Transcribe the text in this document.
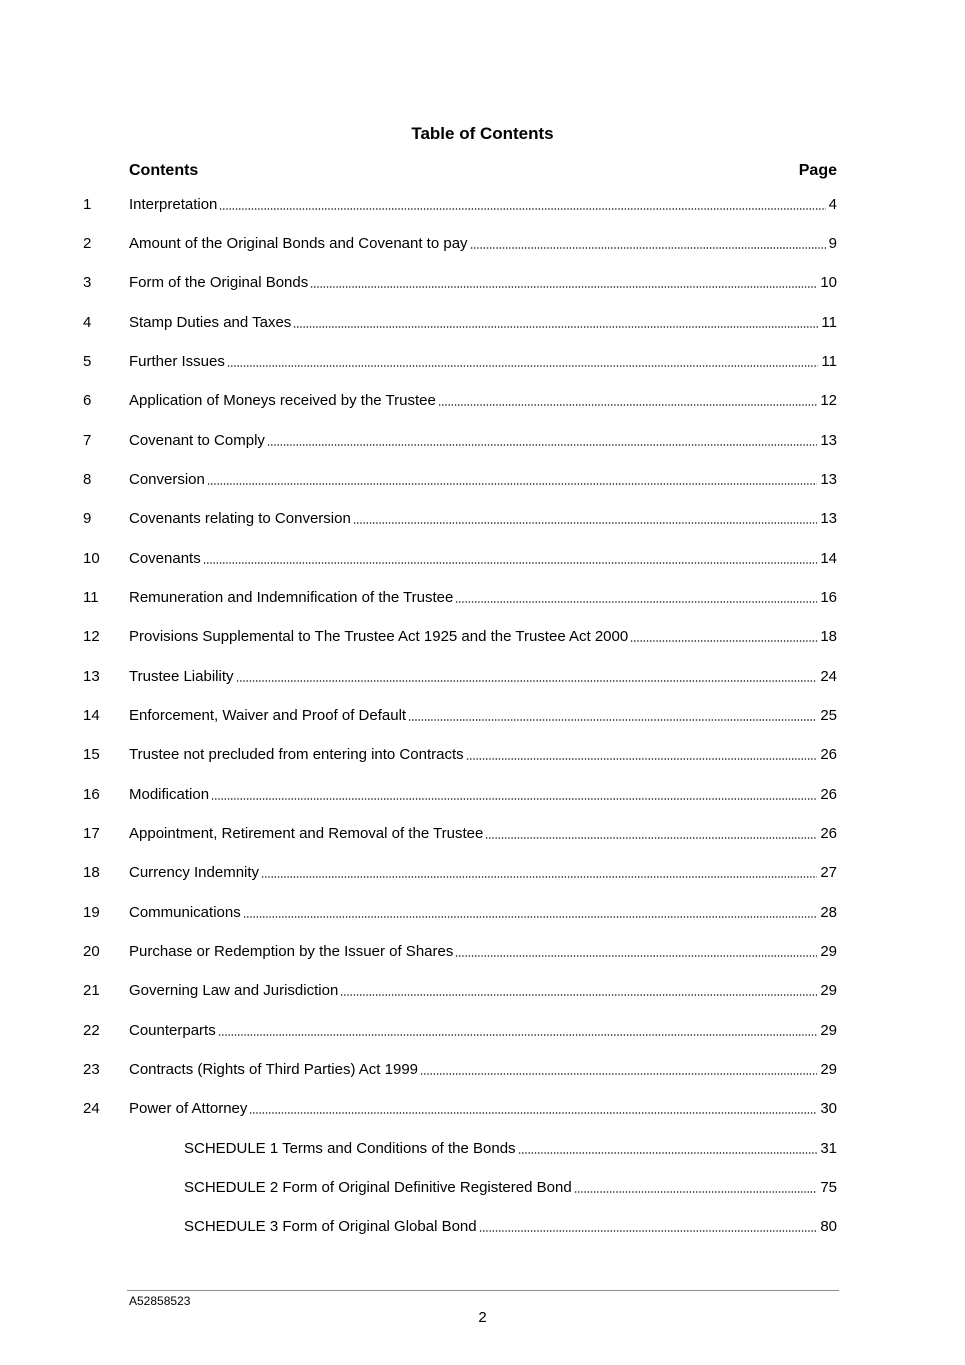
Table of Contents
Contents	Page
1	Interpretation	4
2	Amount of the Original Bonds and Covenant to pay	9
3	Form of the Original Bonds	10
4	Stamp Duties and Taxes	11
5	Further Issues	11
6	Application of Moneys received by the Trustee	12
7	Covenant to Comply	13
8	Conversion	13
9	Covenants relating to Conversion	13
10 Covenants	14
11 Remuneration and Indemnification of the Trustee	16
12 Provisions Supplemental to The Trustee Act 1925 and the Trustee Act 2000	18
13 Trustee Liability	24
14 Enforcement, Waiver and Proof of Default	25
15 Trustee not precluded from entering into Contracts	26
16 Modification	26
17 Appointment, Retirement and Removal of the Trustee	26
18 Currency Indemnity	27
19 Communications	28
20 Purchase or Redemption by the Issuer of Shares	29
21 Governing Law and Jurisdiction	29
22 Counterparts	29
23 Contracts (Rights of Third Parties) Act 1999	29
24 Power of Attorney	30
SCHEDULE 1 Terms and Conditions of the Bonds	31
SCHEDULE 2 Form of Original Definitive Registered Bond	75
SCHEDULE 3 Form of Original Global Bond	80
A52858523
2
